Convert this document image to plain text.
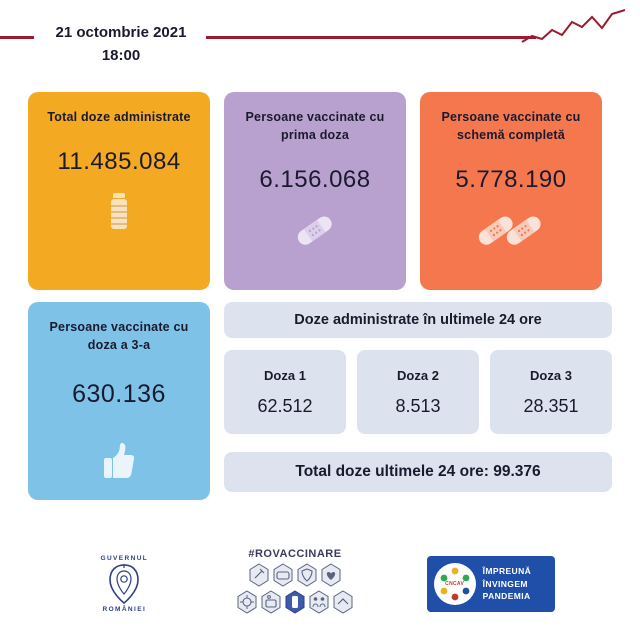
21 octombrie 2021
18:00
Total doze administrate
11.485.084
Persoane vaccinate cu prima doza
6.156.068
Persoane vaccinate cu schemă completă
5.778.190
Persoane vaccinate cu doza a 3-a
630.136
Doze administrate în ultimele 24 ore
Doza 1
62.512
Doza 2
8.513
Doza 3
28.351
Total doze ultimele 24 ore: 99.376
GUVERNUL
ROMÂNIEI
#ROVACCINARE
CNCAV
ÎMPREUNĂ
ÎNVINGEM
PANDEMIA
